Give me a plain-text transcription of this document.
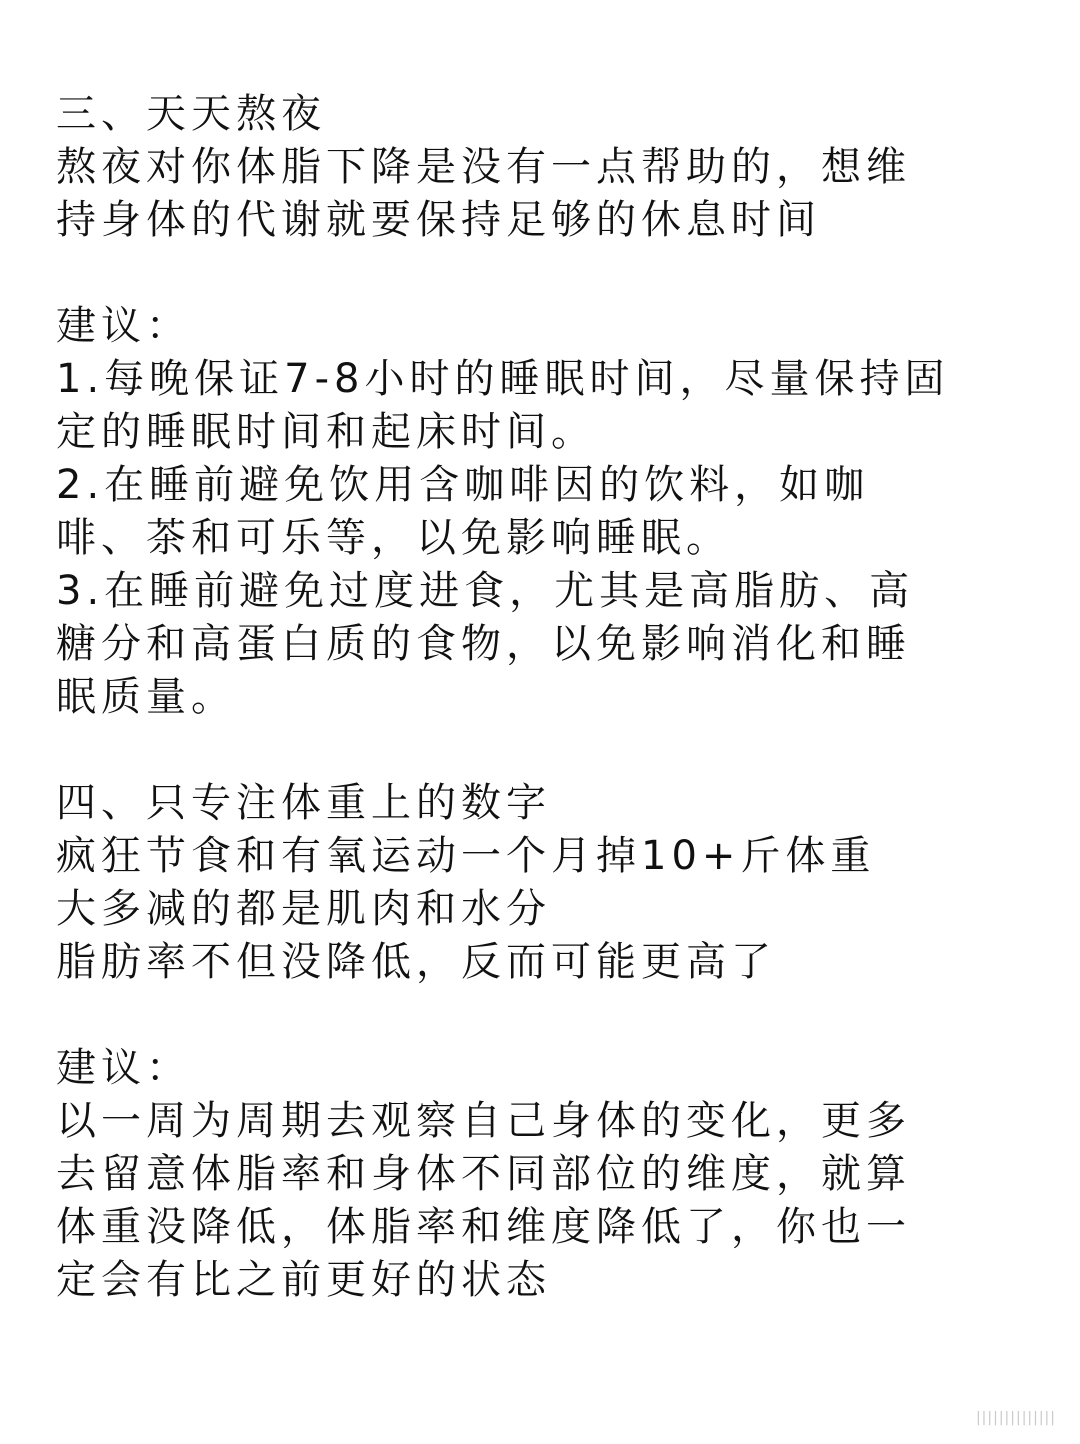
三、天天熬夜
熬夜对你体脂下降是没有一点帮助的，想维
持身体的代谢就要保持足够的休息时间
建议：
1.每晚保证7-8小时的睡眠时间，尽量保持固
定的睡眠时间和起床时间。
2.在睡前避免饮用含咖啡因的饮料，如咖
啡、茶和可乐等，以免影响睡眠。
3.在睡前避免过度进食，尤其是高脂肪、高
糖分和高蛋白质的食物，以免影响消化和睡
眠质量。
四、只专注体重上的数字
疯狂节食和有氧运动一个月掉10+斤体重
大多减的都是肌肉和水分
脂肪率不但没降低，反而可能更高了
建议：
以一周为周期去观察自己身体的变化，更多
去留意体脂率和身体不同部位的维度，就算
体重没降低，体脂率和维度降低了，你也一
定会有比之前更好的状态
||||||||||||||
